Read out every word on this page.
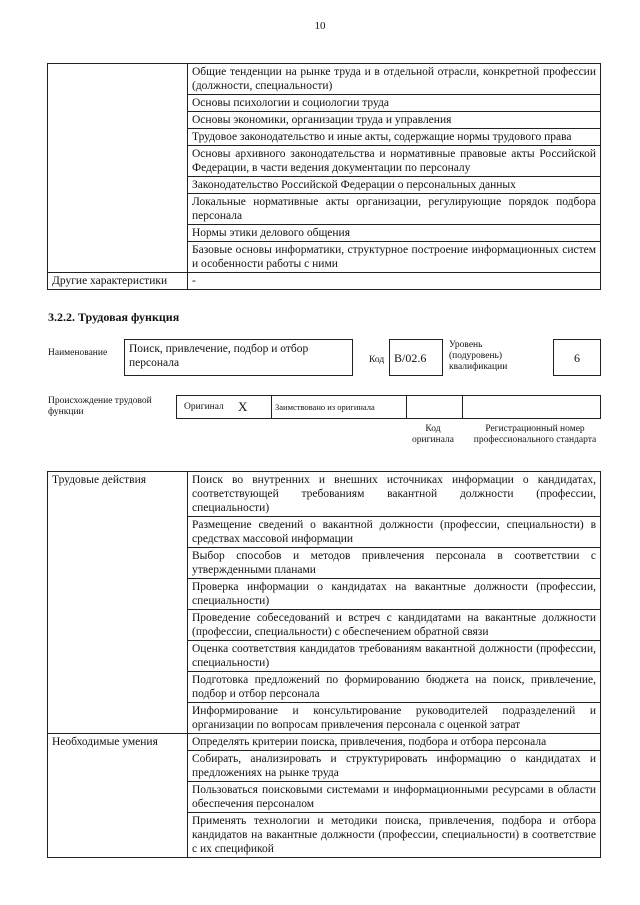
10
	Общие тенденции на рынке труда и в отдельной отрасли, конкретной профессии (должности, специальности)
	Основы психологии и социологии труда
	Основы экономики, организации труда и управления
	Трудовое законодательство и иные акты, содержащие нормы трудового права
	Основы архивного законодательства и нормативные правовые акты Российской Федерации, в части ведения документации по персоналу
	Законодательство Российской Федерации о персональных данных
	Локальные нормативные акты организации, регулирующие порядок подбора персонала
	Нормы этики делового общения
	Базовые основы информатики, структурное построение информационных систем и особенности работы с ними
Другие характеристики	-
3.2.2. Трудовая функция
Наименование	Поиск, привлечение, подбор и отбор персонала	Код B/02.6
Уровень (подуровень) квалификации
6
Происхождение трудовой функции	Оригинал X	Заимствовано из оригинала
Код оригинала
Регистрационный номер профессионального стандарта
Трудовые действия	Поиск во внутренних и внешних источниках информации о кандидатах, соответствующей требованиям вакантной должности (профессии, специальности)
	Размещение сведений о вакантной должности (профессии, специальности) в средствах массовой информации
	Выбор способов и методов привлечения персонала в соответствии с утвержденными планами
	Проверка информации о кандидатах на вакантные должности (профессии, специальности)
	Проведение собеседований и встреч с кандидатами на вакантные должности (профессии, специальности) с обеспечением обратной связи
	Оценка соответствия кандидатов требованиям вакантной должности (профессии, специальности)
	Подготовка предложений по формированию бюджета на поиск, привлечение, подбор и отбор персонала
	Информирование и консультирование руководителей подразделений и организации по вопросам привлечения персонала с оценкой затрат
Необходимые умения	Определять критерии поиска, привлечения, подбора и отбора персонала
	Собирать, анализировать и структурировать информацию о кандидатах и предложениях на рынке труда
	Пользоваться поисковыми системами и информационными ресурсами в области обеспечения персоналом
	Применять технологии и методики поиска, привлечения, подбора и отбора кандидатов на вакантные должности (профессии, специальности) в соответствие с их спецификой
